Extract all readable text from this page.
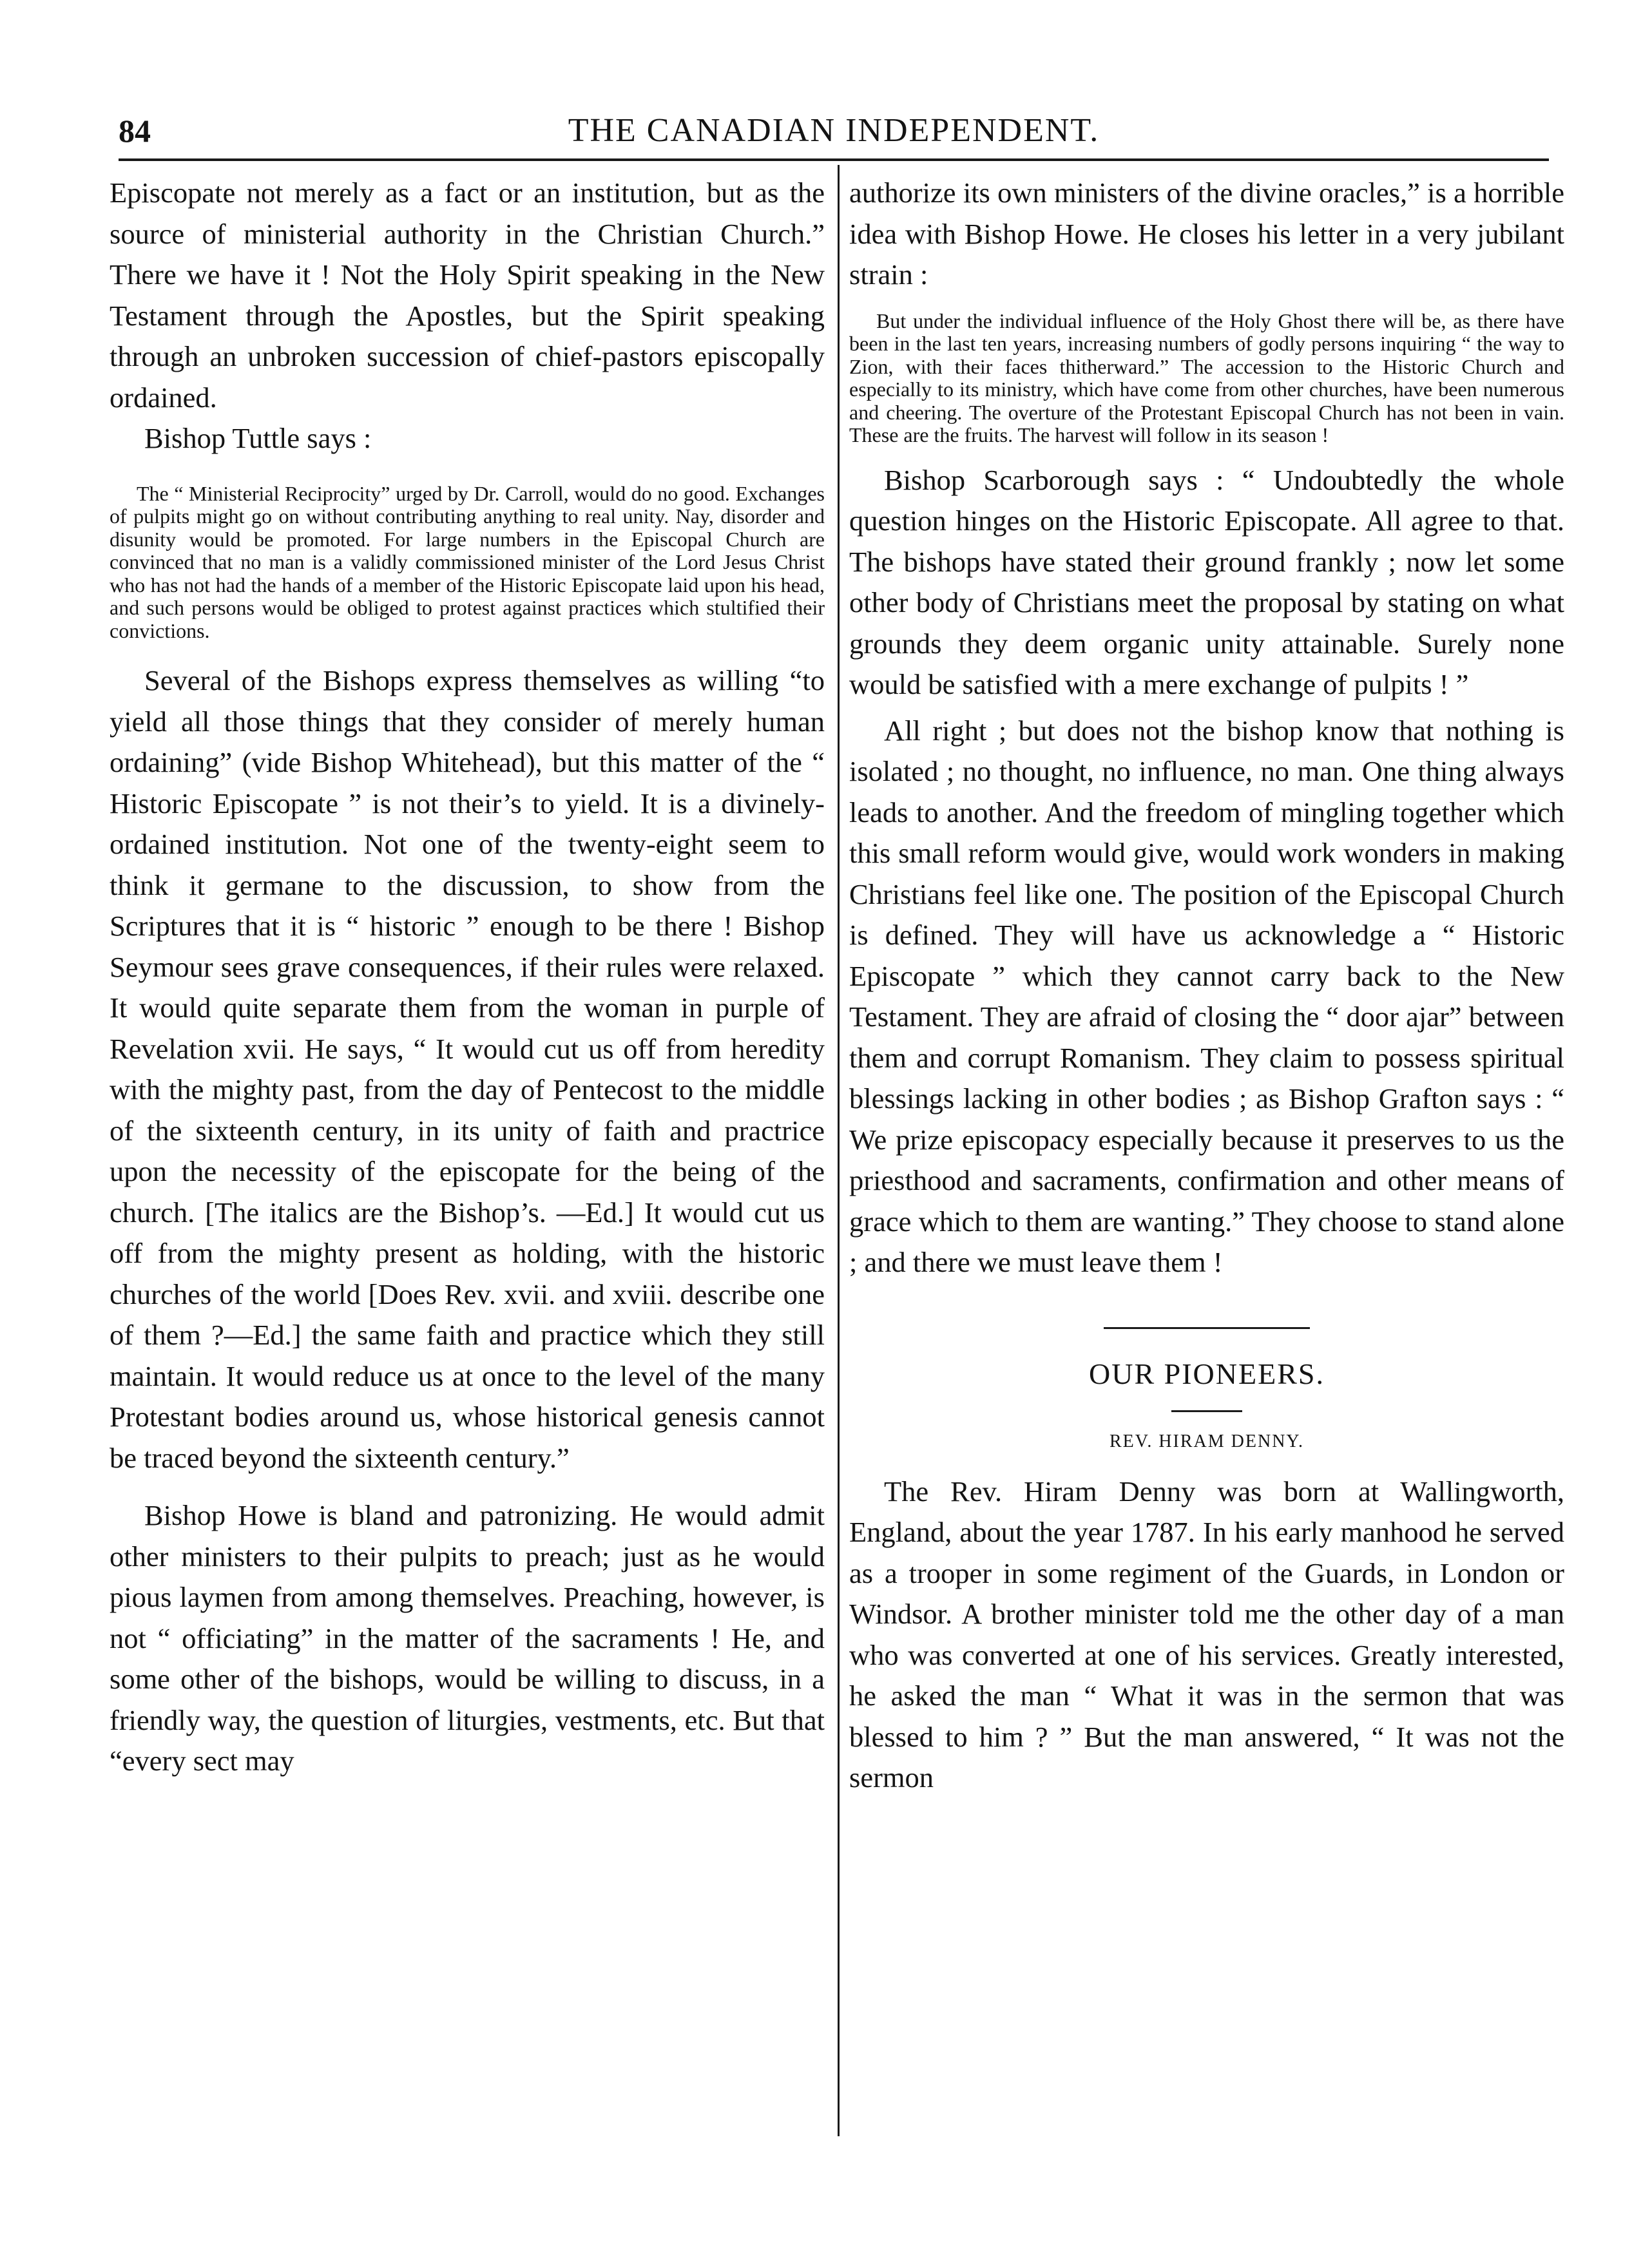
84	THE CANADIAN INDEPENDENT.

Episcopate not merely as a fact or an institution, but as the source of ministerial authority in the Christian Church.” There we have it ! Not the Holy Spirit speaking in the New Testament through the Apostles, but the Spirit speaking through an unbroken succession of chief-pastors episcopally ordained.

Bishop Tuttle says :

The “ Ministerial Reciprocity” urged by Dr. Carroll, would do no good. Exchanges of pulpits might go on without contributing anything to real unity. Nay, disorder and disunity would be promoted. For large numbers in the Episcopal Church are convinced that no man is a validly commissioned minister of the Lord Jesus Christ who has not had the hands of a member of the Historic Episcopate laid upon his head, and such persons would be obliged to protest against practices which stultified their convictions.

Several of the Bishops express themselves as willing “to yield all those things that they consider of merely human ordaining” (vide Bishop Whitehead), but this matter of the “ Historic Episcopate ” is not their’s to yield. It is a divinely-ordained institution. Not one of the twenty-eight seem to think it germane to the discussion, to show from the Scriptures that it is “ historic ” enough to be there ! Bishop Seymour sees grave consequences, if their rules were relaxed. It would quite separate them from the woman in purple of Revelation xvii. He says, “ It would cut us off from heredity with the mighty past, from the day of Pentecost to the middle of the sixteenth century, in its unity of faith and practrice upon the necessity of the episcopate for the being of the church. [The italics are the Bishop’s. —Ed.] It would cut us off from the mighty present as holding, with the historic churches of the world [Does Rev. xvii. and xviii. describe one of them ?—Ed.] the same faith and practice which they still maintain. It would reduce us at once to the level of the many Protestant bodies around us, whose historical genesis cannot be traced beyond the sixteenth century.”

Bishop Howe is bland and patronizing. He would admit other ministers to their pulpits to preach; just as he would pious laymen from among themselves. Preaching, however, is not “ officiating” in the matter of the sacraments ! He, and some other of the bishops, would be willing to discuss, in a friendly way, the question of liturgies, vestments, etc. But that “every sect may

authorize its own ministers of the divine oracles,” is a horrible idea with Bishop Howe. He closes his letter in a very jubilant strain :

But under the individual influence of the Holy Ghost there will be, as there have been in the last ten years, increasing numbers of godly persons inquiring “ the way to Zion, with their faces thitherward.” The accession to the Historic Church and especially to its ministry, which have come from other churches, have been numerous and cheering. The overture of the Protestant Episcopal Church has not been in vain. These are the fruits. The harvest will follow in its season !

Bishop Scarborough says : “ Undoubtedly the whole question hinges on the Historic Episcopate. All agree to that. The bishops have stated their ground frankly ; now let some other body of Christians meet the proposal by stating on what grounds they deem organic unity attainable. Surely none would be satisfied with a mere exchange of pulpits ! ”

All right ; but does not the bishop know that nothing is isolated ; no thought, no influence, no man. One thing always leads to another. And the freedom of mingling together which this small reform would give, would work wonders in making Christians feel like one. The position of the Episcopal Church is defined. They will have us acknowledge a “ Historic Episcopate ” which they cannot carry back to the New Testament. They are afraid of closing the “ door ajar” between them and corrupt Romanism. They claim to possess spiritual blessings lacking in other bodies ; as Bishop Grafton says : “ We prize episcopacy especially because it preserves to us the priesthood and sacraments, confirmation and other means of grace which to them are wanting.” They choose to stand alone ; and there we must leave them !

OUR PIONEERS.
REV. HIRAM DENNY.

The Rev. Hiram Denny was born at Wallingworth, England, about the year 1787. In his early manhood he served as a trooper in some regiment of the Guards, in London or Windsor. A brother minister told me the other day of a man who was converted at one of his services. Greatly interested, he asked the man “ What it was in the sermon that was blessed to him ? ” But the man answered, “ It was not the sermon
